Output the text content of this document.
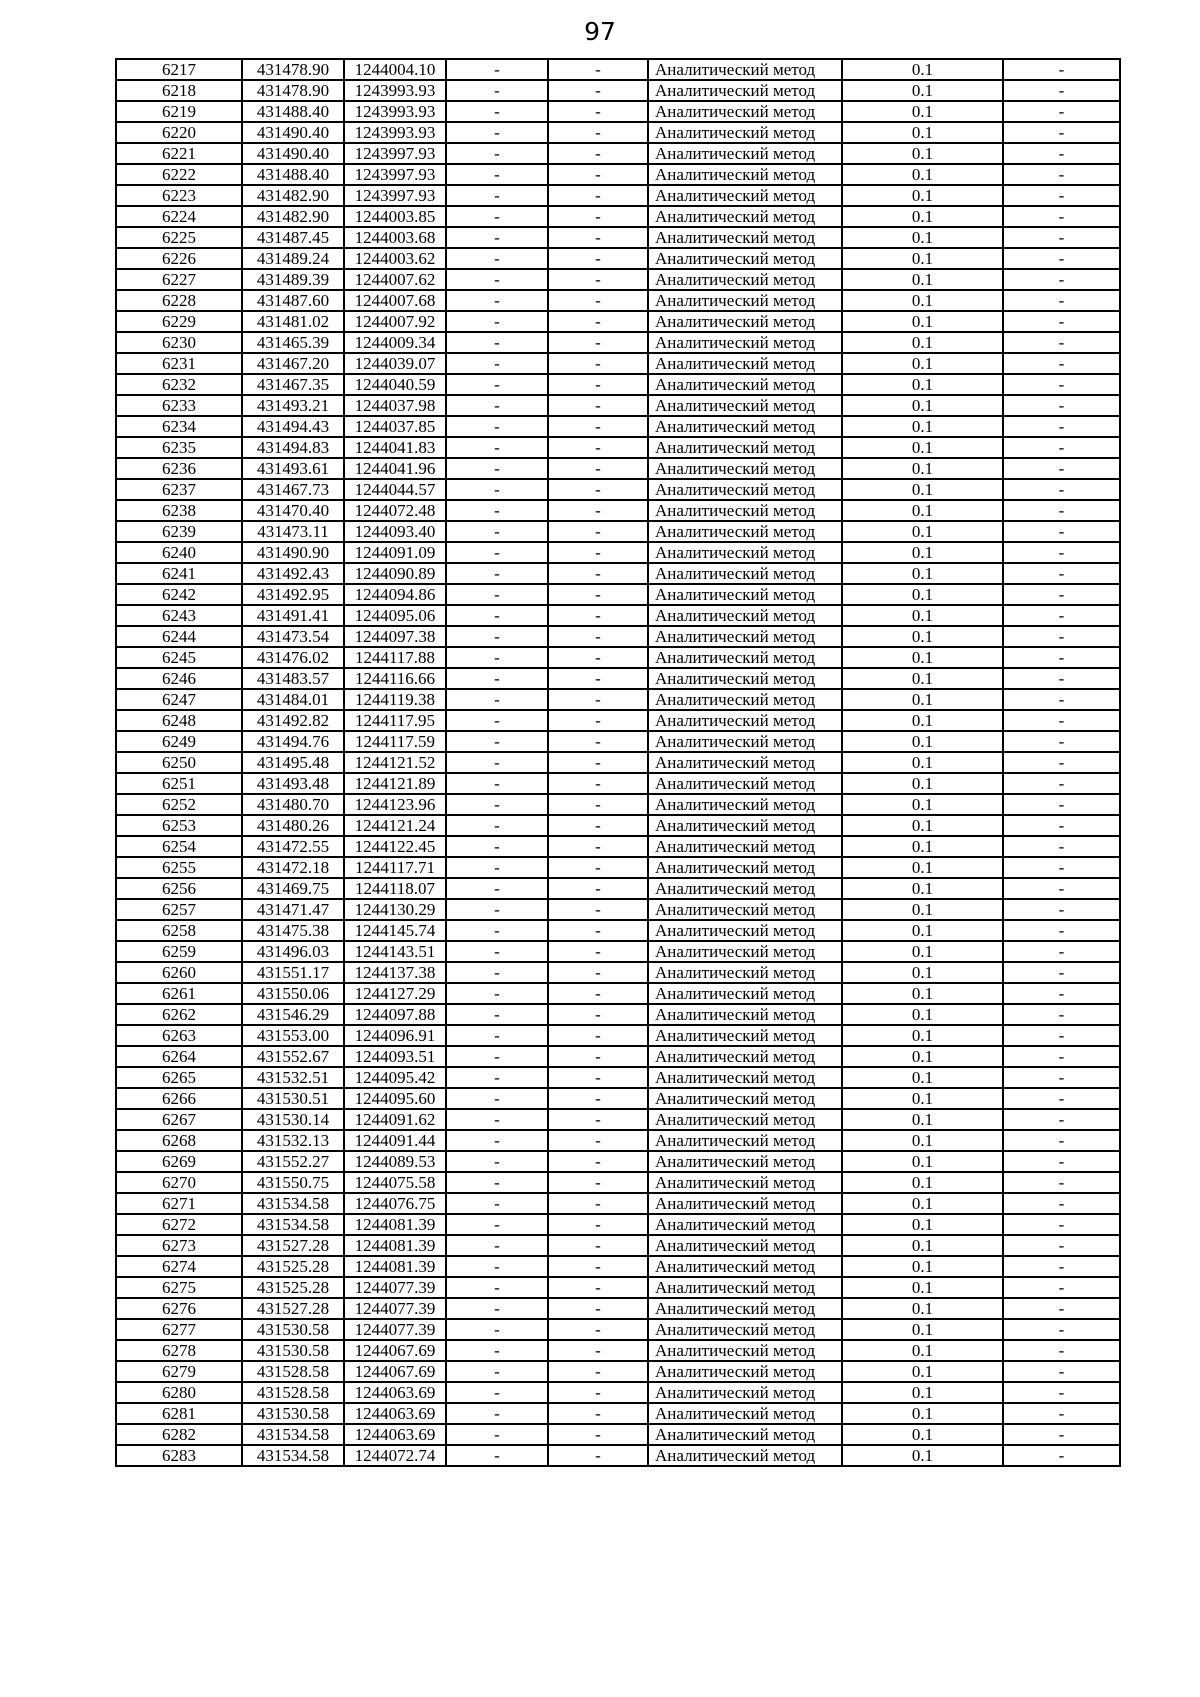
97
6217	431478.90	1244004.10	-	-	Аналитический метод	0.1	-
6218	431478.90	1243993.93	-	-	Аналитический метод	0.1	-
6219	431488.40	1243993.93	-	-	Аналитический метод	0.1	-
6220	431490.40	1243993.93	-	-	Аналитический метод	0.1	-
6221	431490.40	1243997.93	-	-	Аналитический метод	0.1	-
6222	431488.40	1243997.93	-	-	Аналитический метод	0.1	-
6223	431482.90	1243997.93	-	-	Аналитический метод	0.1	-
6224	431482.90	1244003.85	-	-	Аналитический метод	0.1	-
6225	431487.45	1244003.68	-	-	Аналитический метод	0.1	-
6226	431489.24	1244003.62	-	-	Аналитический метод	0.1	-
6227	431489.39	1244007.62	-	-	Аналитический метод	0.1	-
6228	431487.60	1244007.68	-	-	Аналитический метод	0.1	-
6229	431481.02	1244007.92	-	-	Аналитический метод	0.1	-
6230	431465.39	1244009.34	-	-	Аналитический метод	0.1	-
6231	431467.20	1244039.07	-	-	Аналитический метод	0.1	-
6232	431467.35	1244040.59	-	-	Аналитический метод	0.1	-
6233	431493.21	1244037.98	-	-	Аналитический метод	0.1	-
6234	431494.43	1244037.85	-	-	Аналитический метод	0.1	-
6235	431494.83	1244041.83	-	-	Аналитический метод	0.1	-
6236	431493.61	1244041.96	-	-	Аналитический метод	0.1	-
6237	431467.73	1244044.57	-	-	Аналитический метод	0.1	-
6238	431470.40	1244072.48	-	-	Аналитический метод	0.1	-
6239	431473.11	1244093.40	-	-	Аналитический метод	0.1	-
6240	431490.90	1244091.09	-	-	Аналитический метод	0.1	-
6241	431492.43	1244090.89	-	-	Аналитический метод	0.1	-
6242	431492.95	1244094.86	-	-	Аналитический метод	0.1	-
6243	431491.41	1244095.06	-	-	Аналитический метод	0.1	-
6244	431473.54	1244097.38	-	-	Аналитический метод	0.1	-
6245	431476.02	1244117.88	-	-	Аналитический метод	0.1	-
6246	431483.57	1244116.66	-	-	Аналитический метод	0.1	-
6247	431484.01	1244119.38	-	-	Аналитический метод	0.1	-
6248	431492.82	1244117.95	-	-	Аналитический метод	0.1	-
6249	431494.76	1244117.59	-	-	Аналитический метод	0.1	-
6250	431495.48	1244121.52	-	-	Аналитический метод	0.1	-
6251	431493.48	1244121.89	-	-	Аналитический метод	0.1	-
6252	431480.70	1244123.96	-	-	Аналитический метод	0.1	-
6253	431480.26	1244121.24	-	-	Аналитический метод	0.1	-
6254	431472.55	1244122.45	-	-	Аналитический метод	0.1	-
6255	431472.18	1244117.71	-	-	Аналитический метод	0.1	-
6256	431469.75	1244118.07	-	-	Аналитический метод	0.1	-
6257	431471.47	1244130.29	-	-	Аналитический метод	0.1	-
6258	431475.38	1244145.74	-	-	Аналитический метод	0.1	-
6259	431496.03	1244143.51	-	-	Аналитический метод	0.1	-
6260	431551.17	1244137.38	-	-	Аналитический метод	0.1	-
6261	431550.06	1244127.29	-	-	Аналитический метод	0.1	-
6262	431546.29	1244097.88	-	-	Аналитический метод	0.1	-
6263	431553.00	1244096.91	-	-	Аналитический метод	0.1	-
6264	431552.67	1244093.51	-	-	Аналитический метод	0.1	-
6265	431532.51	1244095.42	-	-	Аналитический метод	0.1	-
6266	431530.51	1244095.60	-	-	Аналитический метод	0.1	-
6267	431530.14	1244091.62	-	-	Аналитический метод	0.1	-
6268	431532.13	1244091.44	-	-	Аналитический метод	0.1	-
6269	431552.27	1244089.53	-	-	Аналитический метод	0.1	-
6270	431550.75	1244075.58	-	-	Аналитический метод	0.1	-
6271	431534.58	1244076.75	-	-	Аналитический метод	0.1	-
6272	431534.58	1244081.39	-	-	Аналитический метод	0.1	-
6273	431527.28	1244081.39	-	-	Аналитический метод	0.1	-
6274	431525.28	1244081.39	-	-	Аналитический метод	0.1	-
6275	431525.28	1244077.39	-	-	Аналитический метод	0.1	-
6276	431527.28	1244077.39	-	-	Аналитический метод	0.1	-
6277	431530.58	1244077.39	-	-	Аналитический метод	0.1	-
6278	431530.58	1244067.69	-	-	Аналитический метод	0.1	-
6279	431528.58	1244067.69	-	-	Аналитический метод	0.1	-
6280	431528.58	1244063.69	-	-	Аналитический метод	0.1	-
6281	431530.58	1244063.69	-	-	Аналитический метод	0.1	-
6282	431534.58	1244063.69	-	-	Аналитический метод	0.1	-
6283	431534.58	1244072.74	-	-	Аналитический метод	0.1	-
